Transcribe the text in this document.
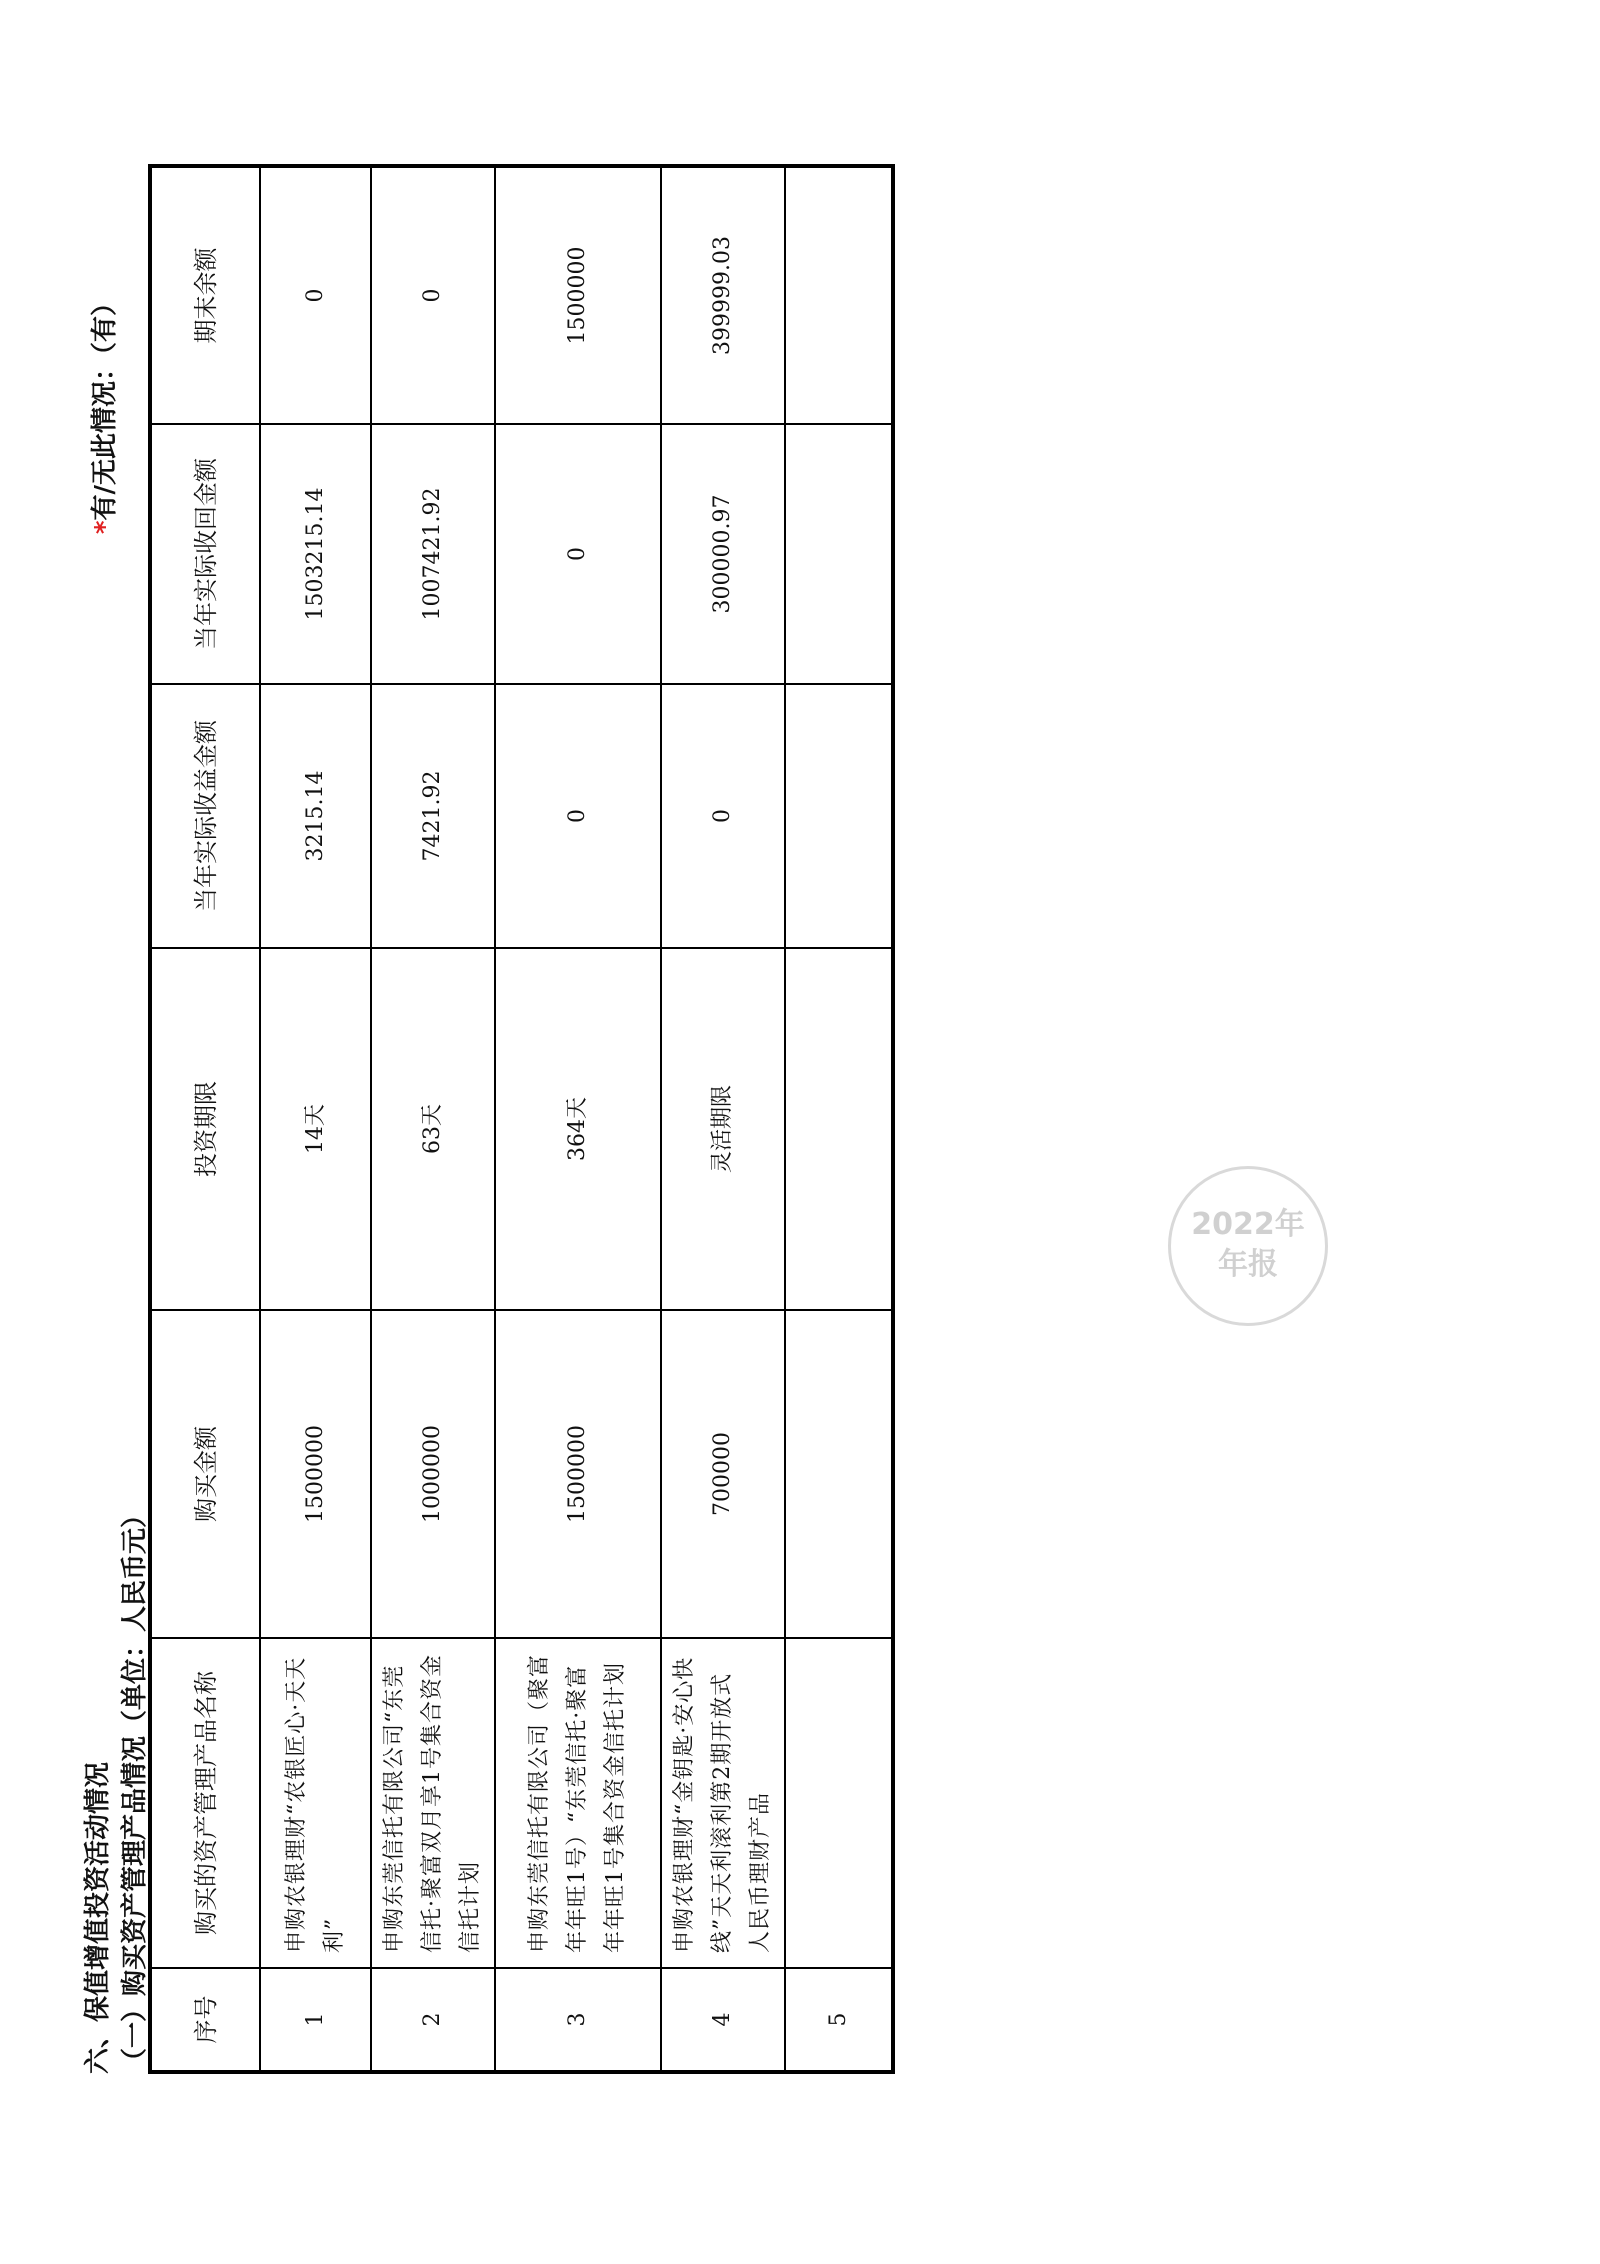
六、保值增值投资活动情况 （一）购买资产管理产品情况（单位：人民币元）
*有/无此情况：（有）
序号	购买的资产管理产品名称	购买金额	投资期限	当年实际收益金额	当年实际收回金额	期末余额
1	申购农银理财“农银匠心·天天利”	1500000	14天	3215.14	1503215.14	0
2	申购东莞信托有限公司“东莞信托·聚富双月享1号集合资金信托计划	1000000	63天	7421.92	1007421.92	0
3	申购东莞信托有限公司（聚富年年旺1号）“东莞信托·聚富年年旺1号集合资金信托计划	1500000	364天	0	0	1500000
4	申购农银理财“金钥匙·安心快线”天天利滚利第2期开放式人民币理财产品	700000	灵活期限	0	300000.97	399999.03
5						
2022年
年报
